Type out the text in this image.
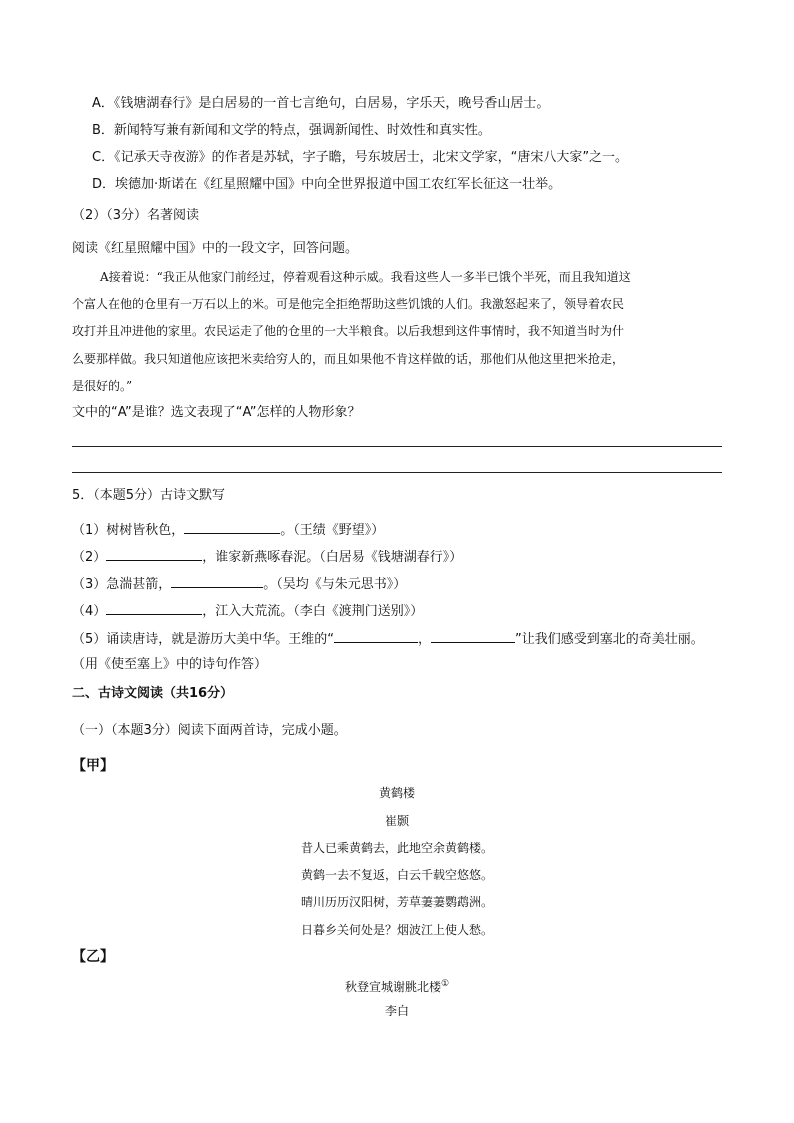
A．《钱塘湖春行》是白居易的一首七言绝句，白居易，字乐天，晚号香山居士。
B．新闻特写兼有新闻和文学的特点，强调新闻性、时效性和真实性。
C．《记承天寺夜游》的作者是苏轼，字子瞻，号东坡居士，北宋文学家，“唐宋八大家”之一。
D．埃德加·斯诺在《红星照耀中国》中向全世界报道中国工农红军长征这一壮举。
（2）（3分）名著阅读
阅读《红星照耀中国》中的一段文字，回答问题。
A接着说：“我正从他家门前经过，停着观看这种示威。我看这些人一多半已饿个半死，而且我知道这
个富人在他的仓里有一万石以上的米。可是他完全拒绝帮助这些饥饿的人们。我激怒起来了，领导着农民
攻打并且冲进他的家里。农民运走了他的仓里的一大半粮食。以后我想到这件事情时，我不知道当时为什
么要那样做。我只知道他应该把米卖给穷人的，而且如果他不肯这样做的话，那他们从他这里把米抢走，
是很好的。”
文中的“A”是谁？选文表现了“A”怎样的人物形象？
5．（本题5分）古诗文默写
（1）树树皆秋色，	。（王绩《野望》）
（2）	，谁家新燕啄春泥。（白居易《钱塘湖春行》）
（3）急湍甚箭，	。（吴均《与朱元思书》）
（4）	，江入大荒流。（李白《渡荆门送别》）
（5）诵读唐诗，就是游历大美中华。王维的“	，	”让我们感受到塞北的奇美壮丽。
（用《使至塞上》中的诗句作答）
二、古诗文阅读（共16分）
（一）（本题3分）阅读下面两首诗，完成小题。
【甲】
黄鹤楼
崔颢
昔人已乘黄鹤去，此地空余黄鹤楼。
黄鹤一去不复返，白云千载空悠悠。
晴川历历汉阳树，芳草萋萋鹦鹉洲。
日暮乡关何处是？烟波江上使人愁。
【乙】
秋登宣城谢脁北楼①
李白
